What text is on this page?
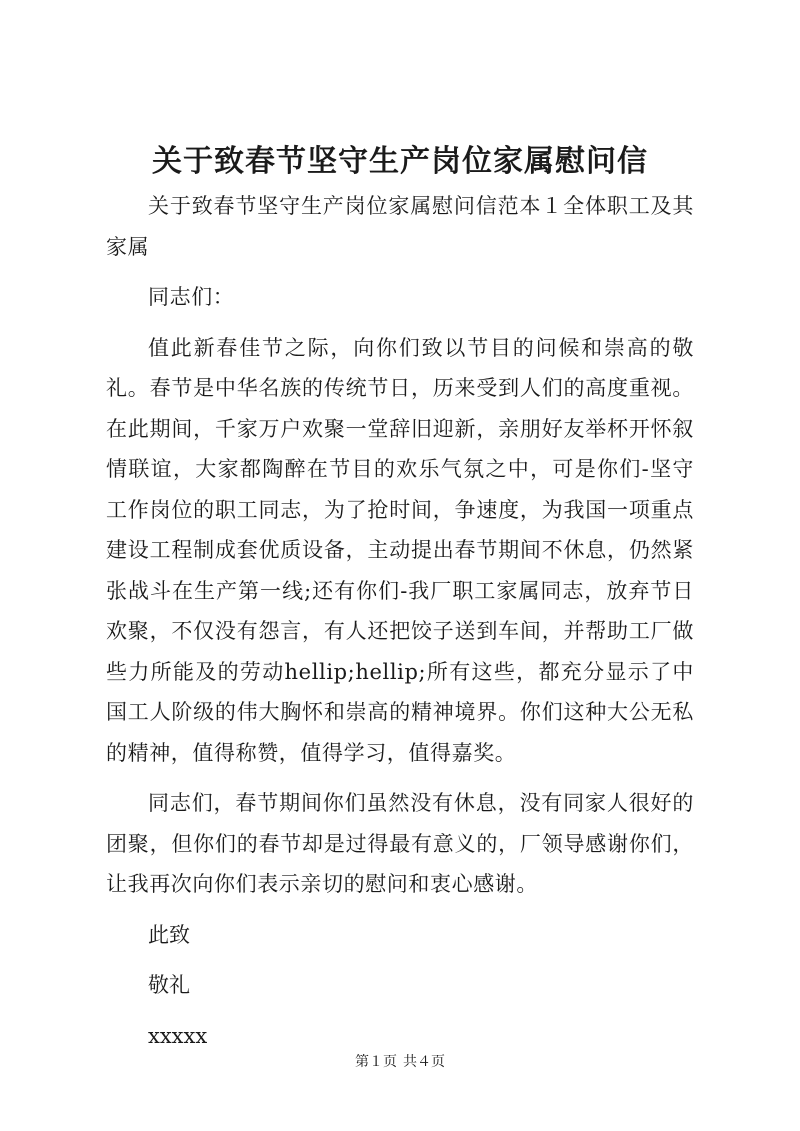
关于致春节坚守生产岗位家属慰问信

关于致春节坚守生产岗位家属慰问信范本１全体职工及其家属

同志们：

值此新春佳节之际，向你们致以节目的问候和崇高的敬礼。春节是中华名族的传统节日，历来受到人们的高度重视。在此期间，千家万户欢聚一堂辞旧迎新，亲朋好友举杯开怀叙情联谊，大家都陶醉在节目的欢乐气氛之中，可是你们-坚守工作岗位的职工同志，为了抢时间，争速度，为我国一项重点建设工程制成套优质设备，主动提出春节期间不休息，仍然紧张战斗在生产第一线;还有你们-我厂职工家属同志，放弃节日欢聚，不仅没有怨言，有人还把饺子送到车间，并帮助工厂做些力所能及的劳动hellip;hellip;所有这些，都充分显示了中国工人阶级的伟大胸怀和崇高的精神境界。你们这种大公无私的精神，值得称赞，值得学习，值得嘉奖。

同志们，春节期间你们虽然没有休息，没有同家人很好的团聚，但你们的春节却是过得最有意义的，厂领导感谢你们，让我再次向你们表示亲切的慰问和衷心感谢。

此致

敬礼

xxxxx

第１页 共４页
